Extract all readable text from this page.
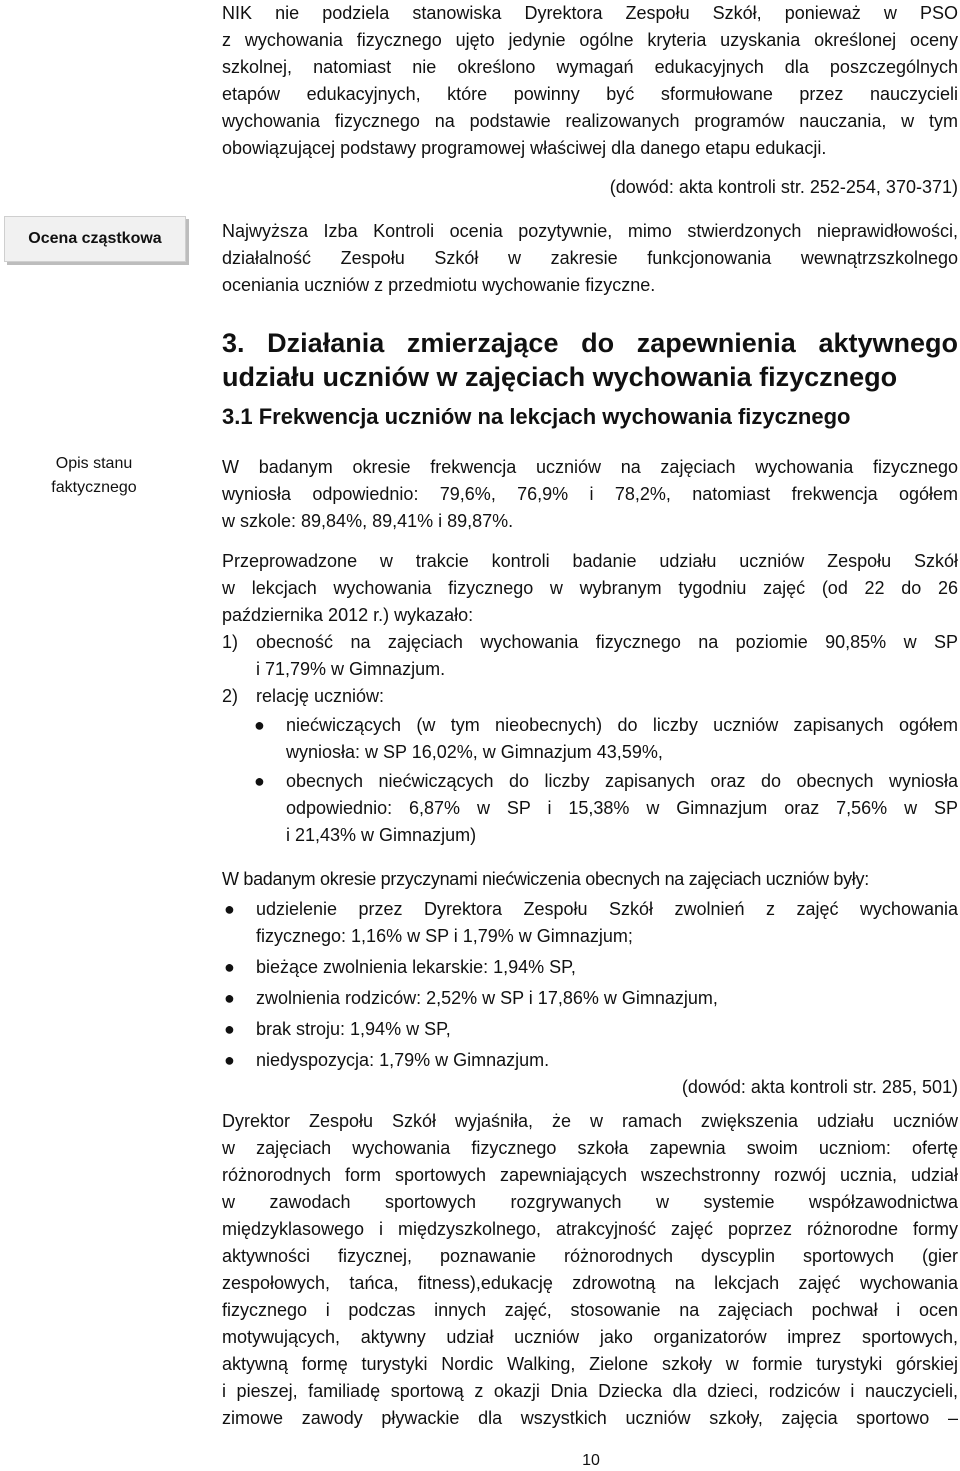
Ocena cząstkowa
Opis stanu
faktycznego

NIK nie podziela stanowiska Dyrektora Zespołu Szkół, ponieważ w PSO

z wychowania fizycznego ujęto jedynie ogólne kryteria uzyskania określonej oceny

szkolnej, natomiast nie określono wymagań edukacyjnych dla poszczególnych

etapów edukacyjnych, które powinny być sformułowane przez nauczycieli

wychowania fizycznego na podstawie realizowanych programów nauczania, w tym

obowiązującej podstawy programowej właściwej dla danego etapu edukacji.

(dowód: akta kontroli str. 252-254, 370-371)

Najwyższa Izba Kontroli ocenia pozytywnie, mimo stwierdzonych nieprawidłowości,

działalność Zespołu Szkół w zakresie funkcjonowania wewnątrzszkolnego

oceniania uczniów z przedmiotu wychowanie fizyczne.

3. Działania zmierzające do zapewnienia aktywnego
udziału uczniów w zajęciach wychowania fizycznego
3.1 Frekwencja uczniów na lekcjach wychowania fizycznego

W badanym okresie frekwencja uczniów na zajęciach wychowania fizycznego

wyniosła odpowiednio: 79,6%, 76,9% i 78,2%, natomiast frekwencja ogółem

w szkole: 89,84%, 89,41% i 89,87%.

Przeprowadzone w trakcie kontroli badanie udziału uczniów Zespołu Szkół

w lekcjach wychowania fizycznego w wybranym tygodniu zajęć (od 22 do 26

października 2012 r.) wykazało:

1) obecność na zajęciach wychowania fizycznego na poziomie 90,85% w SP
i 71,79% w Gimnazjum.
2) relację uczniów:
● niećwiczących (w tym nieobecnych) do liczby uczniów zapisanych ogółem
wyniosła: w SP 16,02%, w Gimnazjum 43,59%,
● obecnych niećwiczących do liczby zapisanych oraz do obecnych wyniosła
odpowiednio: 6,87% w SP i 15,38% w Gimnazjum oraz 7,56% w SP
i 21,43% w Gimnazjum)

W badanym okresie przyczynami niećwiczenia obecnych na zajęciach uczniów były:

● udzielenie przez Dyrektora Zespołu Szkół zwolnień z zajęć wychowania
fizycznego: 1,16% w SP i 1,79% w Gimnazjum;
● bieżące zwolnienia lekarskie: 1,94% SP,
● zwolnienia rodziców: 2,52% w SP i 17,86% w Gimnazjum,
● brak stroju: 1,94% w SP,
● niedyspozycja: 1,79% w Gimnazjum.

(dowód: akta kontroli str. 285, 501)

Dyrektor Zespołu Szkół wyjaśniła, że w ramach zwiększenia udziału uczniów

w zajęciach wychowania fizycznego szkoła zapewnia swoim uczniom: ofertę

różnorodnych form sportowych zapewniających wszechstronny rozwój ucznia, udział

w zawodach sportowych rozgrywanych w systemie współzawodnictwa

międzyklasowego i międzyszkolnego, atrakcyjność zajęć poprzez różnorodne formy

aktywności fizycznej, poznawanie różnorodnych dyscyplin sportowych (gier

zespołowych, tańca, fitness),edukację zdrowotną na lekcjach zajęć wychowania

fizycznego i podczas innych zajęć, stosowanie na zajęciach pochwał i ocen

motywujących, aktywny udział uczniów jako organizatorów imprez sportowych,

aktywną formę turystyki Nordic Walking, Zielone szkoły w formie turystyki górskiej

i pieszej, familiadę sportową z okazji Dnia Dziecka dla dzieci, rodziców i nauczycieli,

zimowe zawody pływackie dla wszystkich uczniów szkoły, zajęcia sportowo –

10
